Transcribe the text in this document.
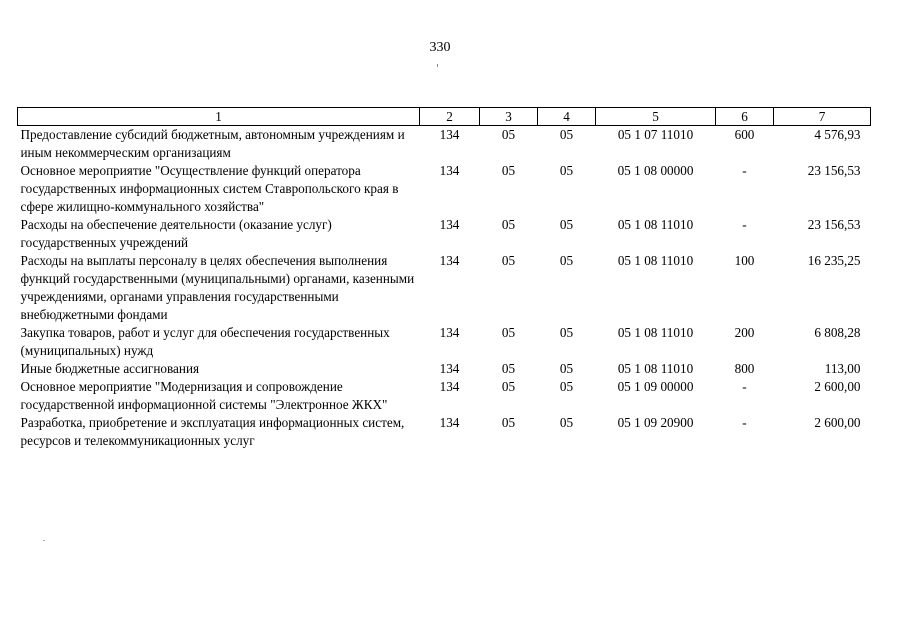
330
1	2	3	4	5	6	7
Предоставление субсидий бюджетным, автономным учреждениям и иным некоммерческим организациям	134	05	05	05 1 07 11010	600	4 576,93
Основное мероприятие "Осуществление функций оператора государственных информационных систем Ставропольского края в сфере жилищно-коммунального хозяйства"	134	05	05	05 1 08 00000	-	23 156,53
Расходы на обеспечение деятельности (оказание услуг) государственных учреждений	134	05	05	05 1 08 11010	-	23 156,53
Расходы на выплаты персоналу в целях обеспечения выполнения функций государственными (муниципальными) органами, казенными учреждениями, органами управления государственными внебюджетными фондами	134	05	05	05 1 08 11010	100	16 235,25
Закупка товаров, работ и услуг для обеспечения государственных (муниципальных) нужд	134	05	05	05 1 08 11010	200	6 808,28
Иные бюджетные ассигнования	134	05	05	05 1 08 11010	800	113,00
Основное мероприятие "Модернизация и сопровождение государственной информационной системы "Электронное ЖКХ"	134	05	05	05 1 09 00000	-	2 600,00
Разработка, приобретение и эксплуатация информационных систем, ресурсов и телекоммуникационных услуг	134	05	05	05 1 09 20900	-	2 600,00
